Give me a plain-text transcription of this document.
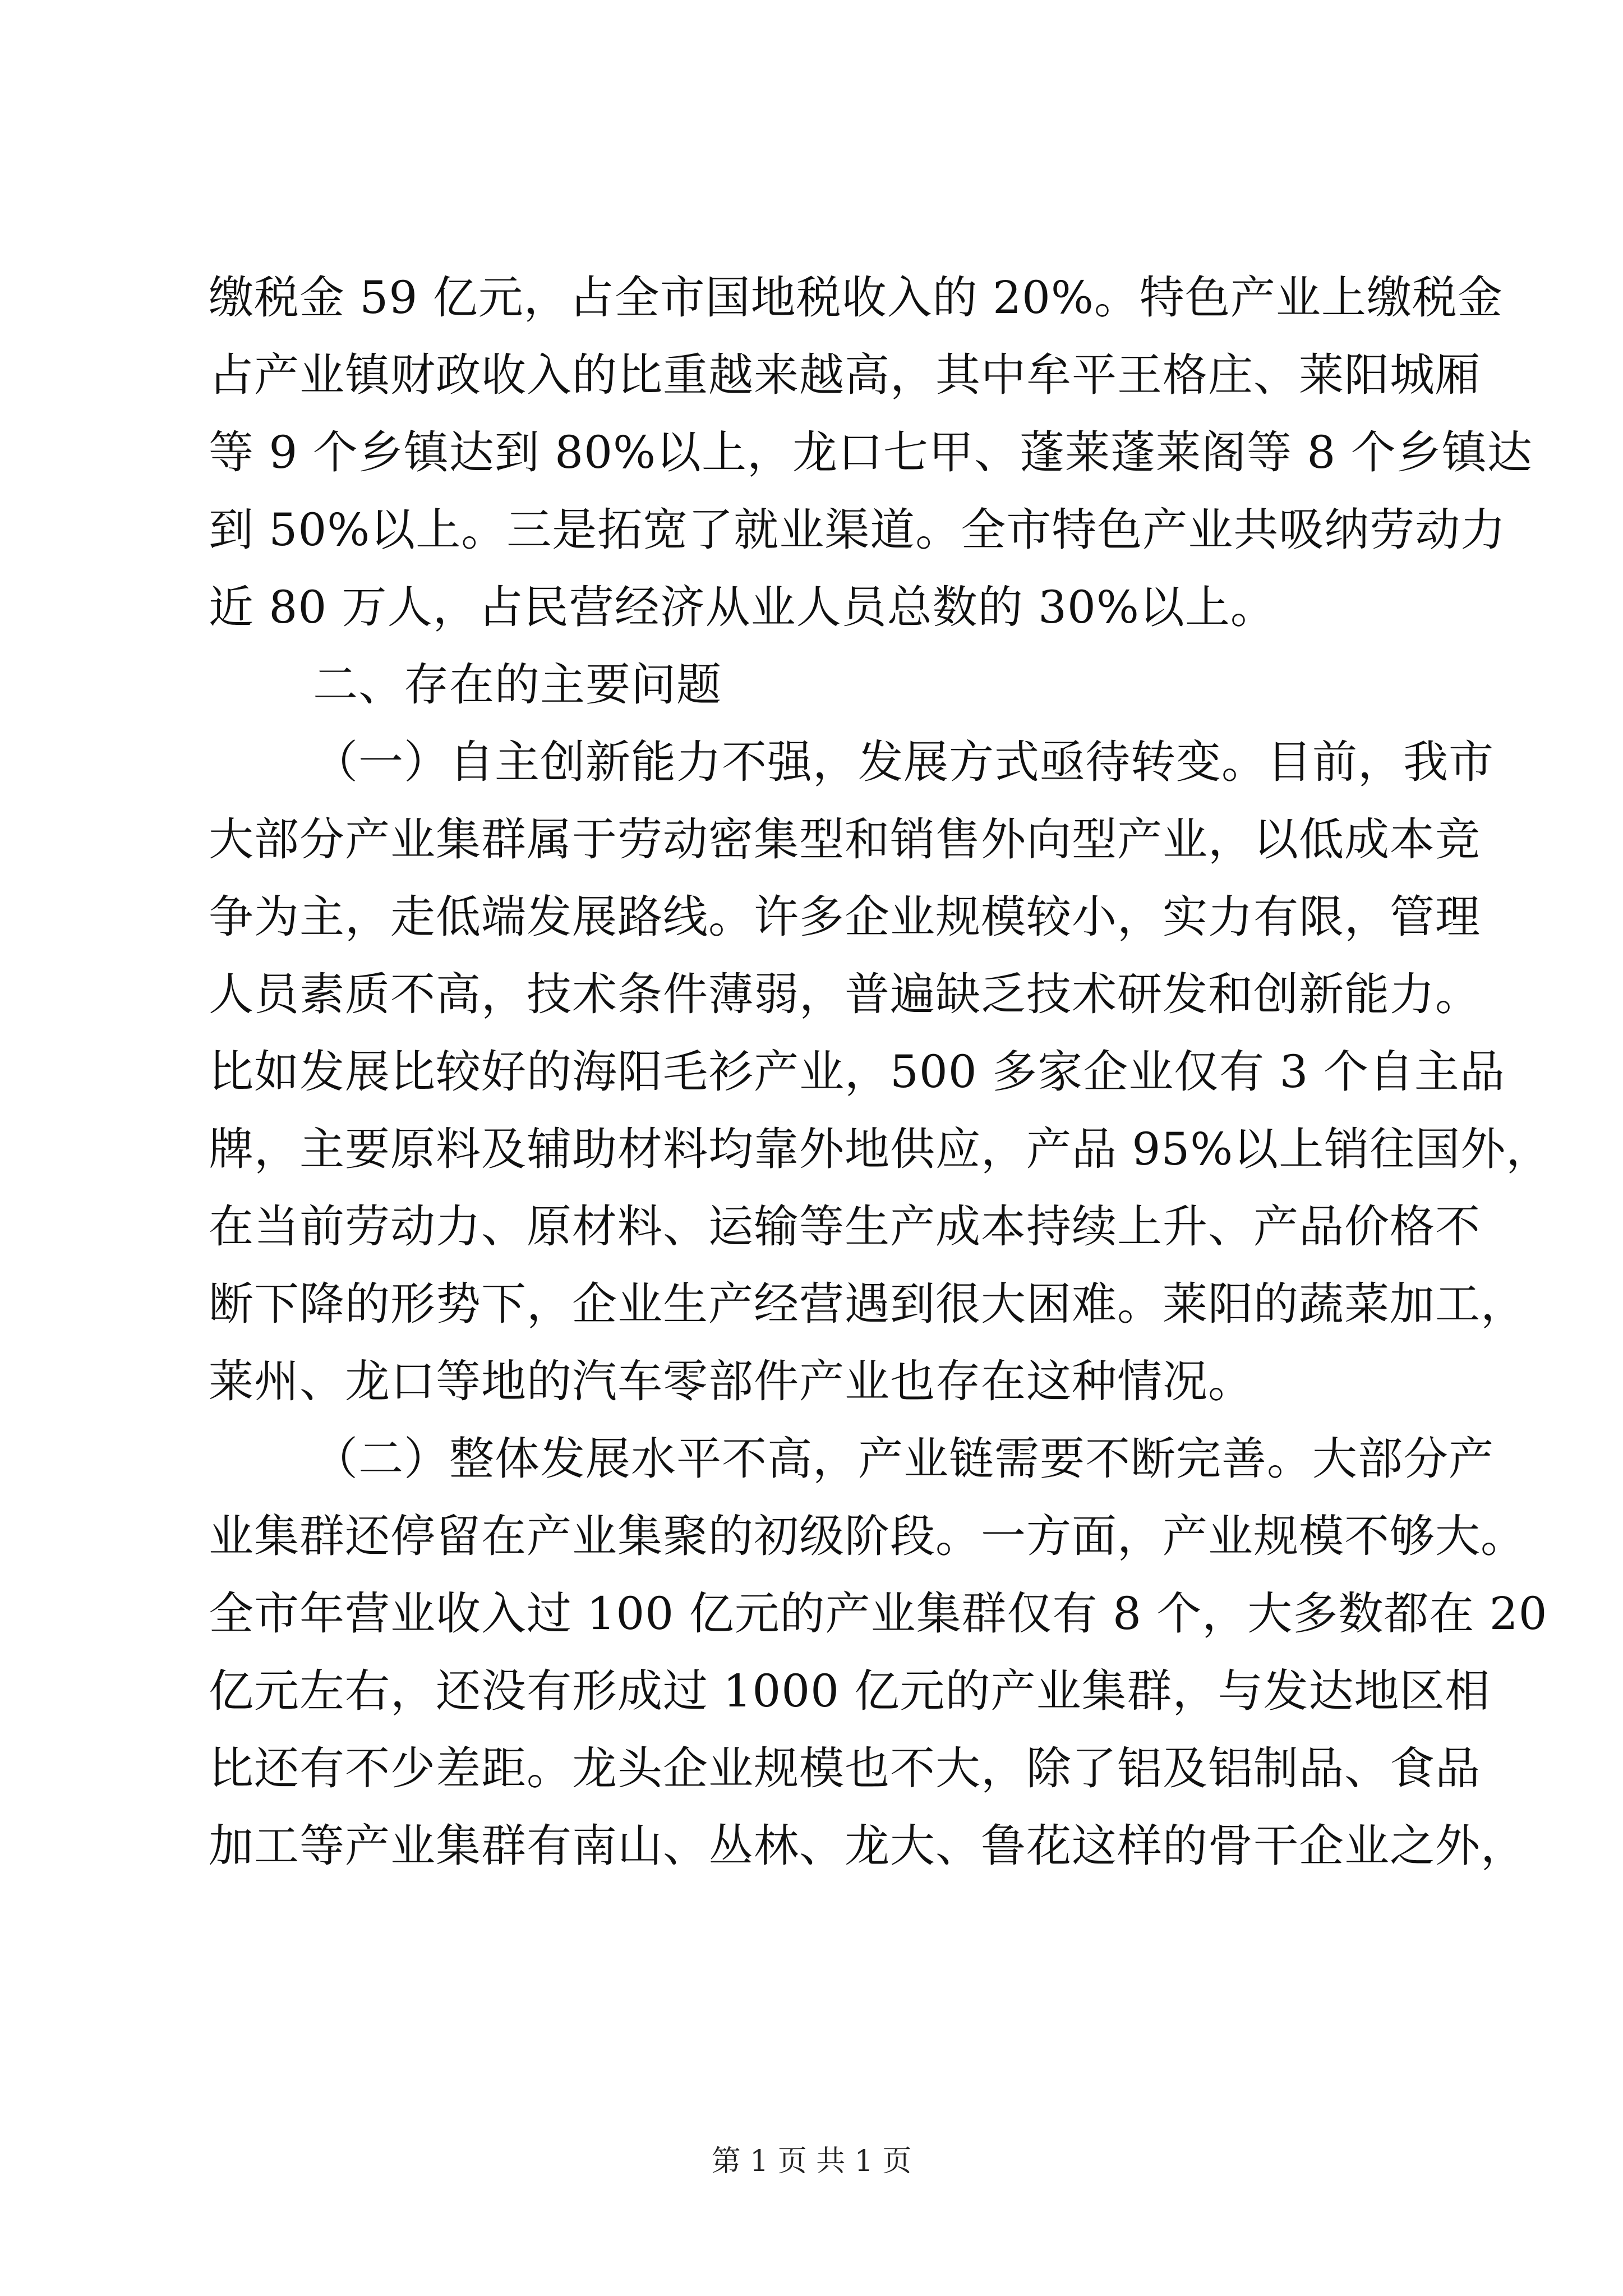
缴税金 59 亿元，占全市国地税收入的 20%。特色产业上缴税金
占产业镇财政收入的比重越来越高，其中牟平王格庄、莱阳城厢
等 9 个乡镇达到 80%以上，龙口七甲、蓬莱蓬莱阁等 8 个乡镇达
到 50%以上。三是拓宽了就业渠道。全市特色产业共吸纳劳动力
近 80 万人，占民营经济从业人员总数的 30%以上。
二、存在的主要问题
（一）自主创新能力不强，发展方式亟待转变。目前，我市
大部分产业集群属于劳动密集型和销售外向型产业，以低成本竞
争为主，走低端发展路线。许多企业规模较小，实力有限，管理
人员素质不高，技术条件薄弱，普遍缺乏技术研发和创新能力。
比如发展比较好的海阳毛衫产业，500 多家企业仅有 3 个自主品
牌，主要原料及辅助材料均靠外地供应，产品 95%以上销往国外，
在当前劳动力、原材料、运输等生产成本持续上升、产品价格不
断下降的形势下，企业生产经营遇到很大困难。莱阳的蔬菜加工，
莱州、龙口等地的汽车零部件产业也存在这种情况。
（二）整体发展水平不高，产业链需要不断完善。大部分产
业集群还停留在产业集聚的初级阶段。一方面，产业规模不够大。
全市年营业收入过 100 亿元的产业集群仅有 8 个，大多数都在 20
亿元左右，还没有形成过 1000 亿元的产业集群，与发达地区相
比还有不少差距。龙头企业规模也不大，除了铝及铝制品、食品
加工等产业集群有南山、丛林、龙大、鲁花这样的骨干企业之外，
第 1 页 共 1 页
